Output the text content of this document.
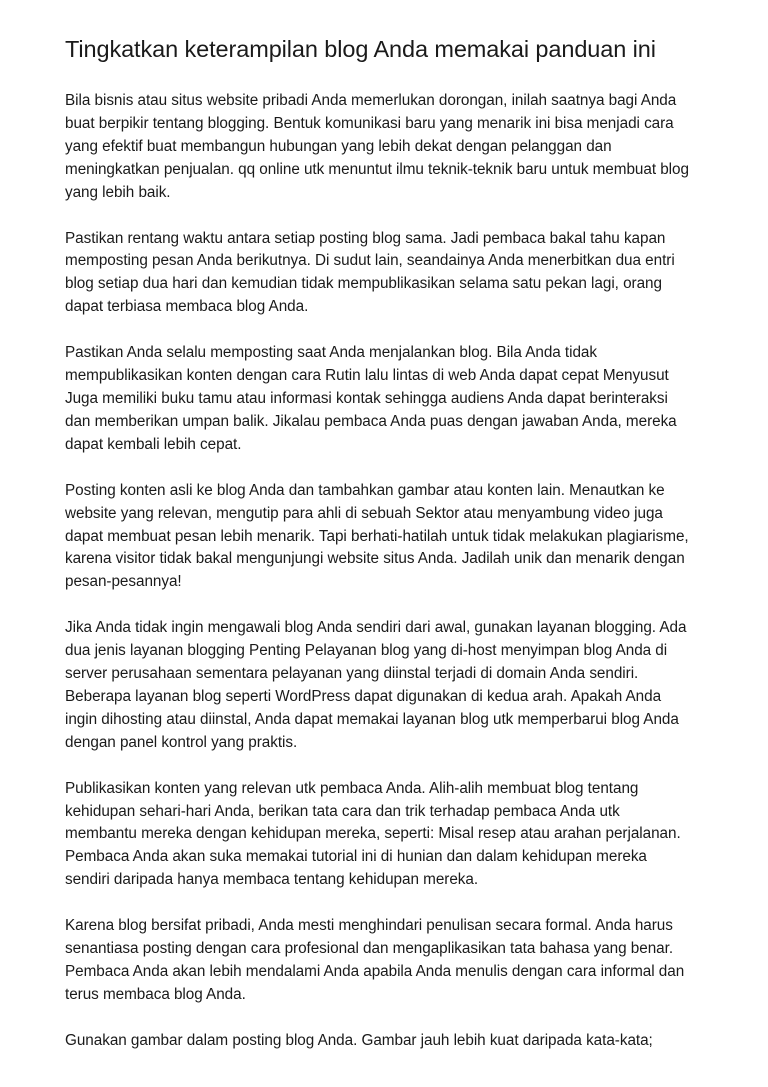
Tingkatkan keterampilan blog Anda memakai panduan ini

Bila bisnis atau situs website pribadi Anda memerlukan dorongan, inilah saatnya bagi Anda
buat berpikir tentang blogging. Bentuk komunikasi baru yang menarik ini bisa menjadi cara
yang efektif buat membangun hubungan yang lebih dekat dengan pelanggan dan
meningkatkan penjualan. qq online utk menuntut ilmu teknik-teknik baru untuk membuat blog
yang lebih baik.

Pastikan rentang waktu antara setiap posting blog sama. Jadi pembaca bakal tahu kapan
memposting pesan Anda berikutnya. Di sudut lain, seandainya Anda menerbitkan dua entri
blog setiap dua hari dan kemudian tidak mempublikasikan selama satu pekan lagi, orang
dapat terbiasa membaca blog Anda.

Pastikan Anda selalu memposting saat Anda menjalankan blog. Bila Anda tidak
mempublikasikan konten dengan cara Rutin lalu lintas di web Anda dapat cepat Menyusut
Juga memiliki buku tamu atau informasi kontak sehingga audiens Anda dapat berinteraksi
dan memberikan umpan balik. Jikalau pembaca Anda puas dengan jawaban Anda, mereka
dapat kembali lebih cepat.

Posting konten asli ke blog Anda dan tambahkan gambar atau konten lain. Menautkan ke
website yang relevan, mengutip para ahli di sebuah Sektor atau menyambung video juga
dapat membuat pesan lebih menarik. Tapi berhati-hatilah untuk tidak melakukan plagiarisme,
karena visitor tidak bakal mengunjungi website situs Anda. Jadilah unik dan menarik dengan
pesan-pesannya!

Jika Anda tidak ingin mengawali blog Anda sendiri dari awal, gunakan layanan blogging. Ada
dua jenis layanan blogging Penting Pelayanan blog yang di-host menyimpan blog Anda di
server perusahaan sementara pelayanan yang diinstal terjadi di domain Anda sendiri.
Beberapa layanan blog seperti WordPress dapat digunakan di kedua arah. Apakah Anda
ingin dihosting atau diinstal, Anda dapat memakai layanan blog utk memperbarui blog Anda
dengan panel kontrol yang praktis.

Publikasikan konten yang relevan utk pembaca Anda. Alih-alih membuat blog tentang
kehidupan sehari-hari Anda, berikan tata cara dan trik terhadap pembaca Anda utk
membantu mereka dengan kehidupan mereka, seperti: Misal resep atau arahan perjalanan.
Pembaca Anda akan suka memakai tutorial ini di hunian dan dalam kehidupan mereka
sendiri daripada hanya membaca tentang kehidupan mereka.

Karena blog bersifat pribadi, Anda mesti menghindari penulisan secara formal. Anda harus
senantiasa posting dengan cara profesional dan mengaplikasikan tata bahasa yang benar.
Pembaca Anda akan lebih mendalami Anda apabila Anda menulis dengan cara informal dan
terus membaca blog Anda.

Gunakan gambar dalam posting blog Anda. Gambar jauh lebih kuat daripada kata-kata;
